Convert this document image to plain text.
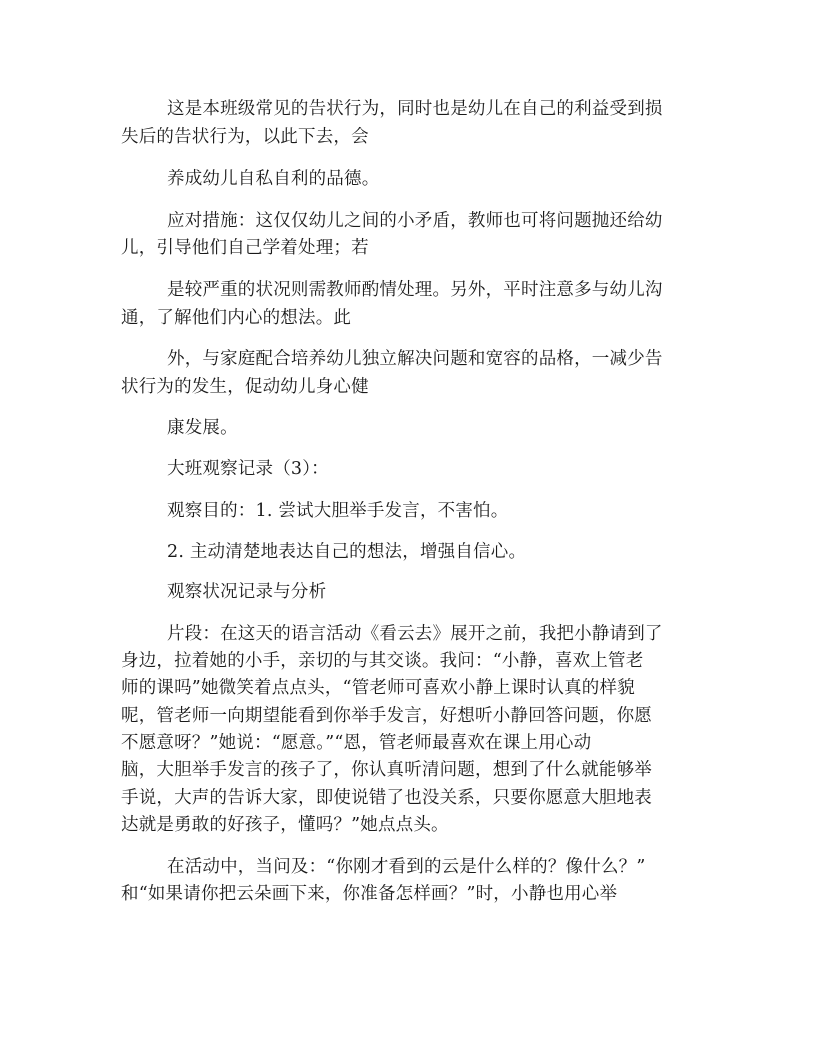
这是本班级常见的告状行为，同时也是幼儿在自己的利益受到损
失后的告状行为，以此下去，会
养成幼儿自私自利的品德。
应对措施：这仅仅幼儿之间的小矛盾，教师也可将问题抛还给幼
儿，引导他们自己学着处理；若
是较严重的状况则需教师酌情处理。另外，平时注意多与幼儿沟
通，了解他们内心的想法。此
外，与家庭配合培养幼儿独立解决问题和宽容的品格，一减少告
状行为的发生，促动幼儿身心健
康发展。
大班观察记录（3）：
观察目的：1. 尝试大胆举手发言，不害怕。
2. 主动清楚地表达自己的想法，增强自信心。
观察状况记录与分析
片段：在这天的语言活动《看云去》展开之前，我把小静请到了
身边，拉着她的小手，亲切的与其交谈。我问：“小静，喜欢上管老
师的课吗”她微笑着点点头，“管老师可喜欢小静上课时认真的样貌
呢，管老师一向期望能看到你举手发言，好想听小静回答问题，你愿
不愿意呀？”她说：“愿意。”“恩，管老师最喜欢在课上用心动
脑，大胆举手发言的孩子了，你认真听清问题，想到了什么就能够举
手说，大声的告诉大家，即使说错了也没关系，只要你愿意大胆地表
达就是勇敢的好孩子，懂吗？”她点点头。
在活动中，当问及：“你刚才看到的云是什么样的？像什么？”
和“如果请你把云朵画下来，你准备怎样画？”时，小静也用心举
